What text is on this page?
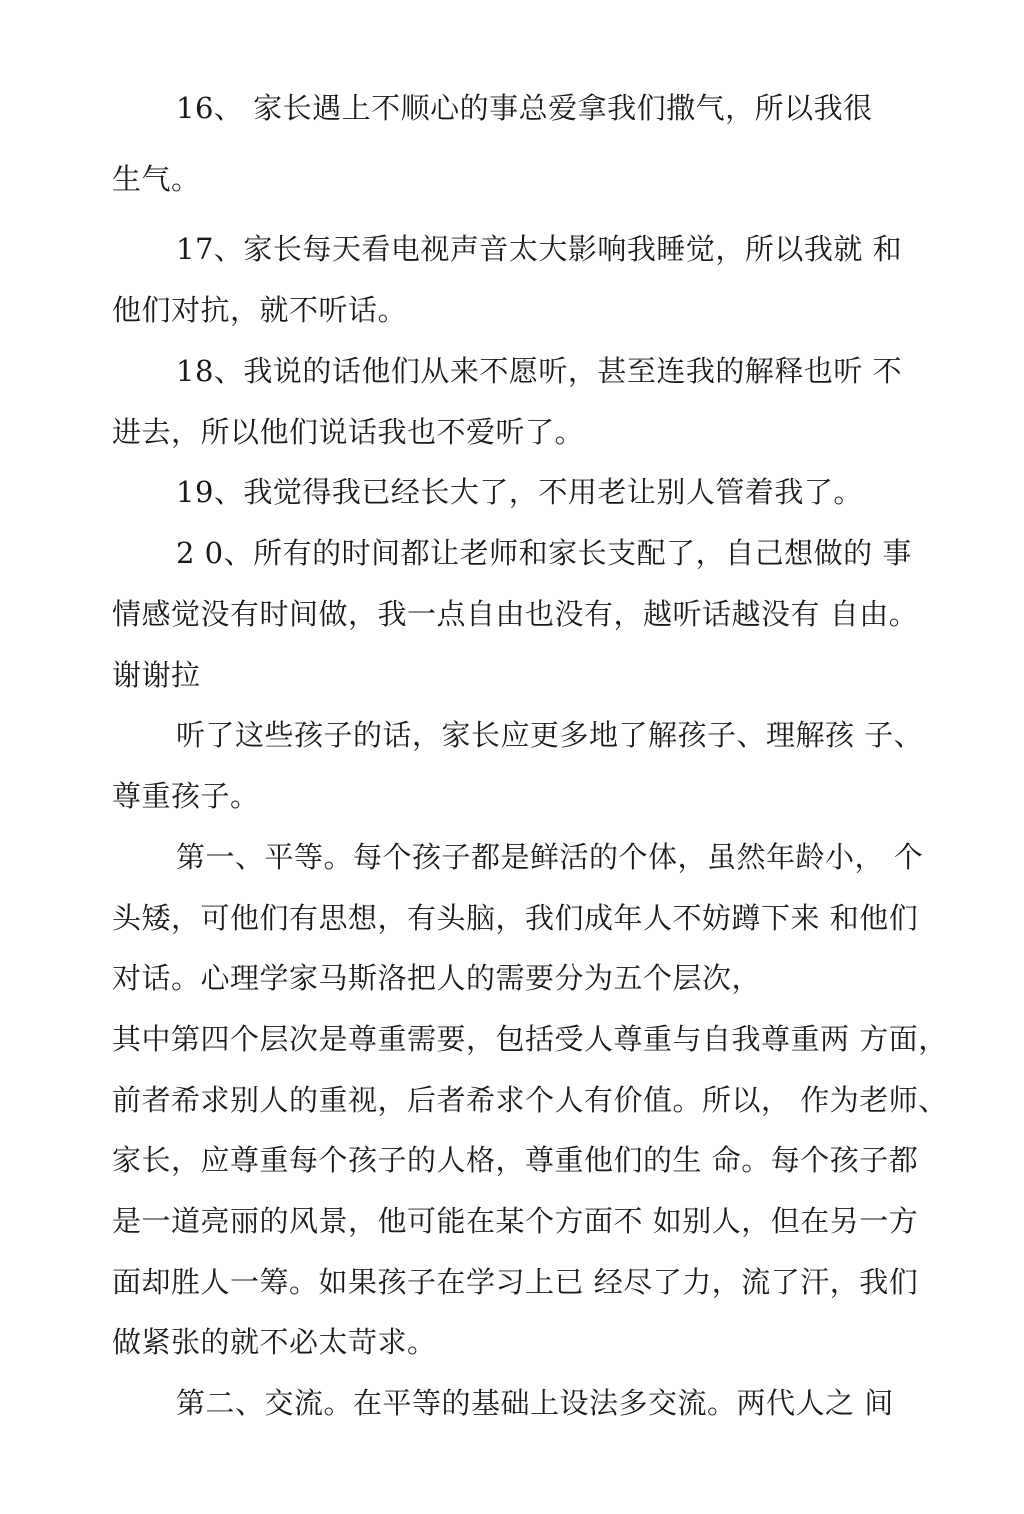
16、 家长遇上不顺心的事总爱拿我们撒气，所以我很
生气。
17、家长每天看电视声音太大影响我睡觉，所以我就 和
他们对抗，就不听话。
18、我说的话他们从来不愿听，甚至连我的解释也听 不
进去，所以他们说话我也不爱听了。
19、我觉得我已经长大了，不用老让别人管着我了。
2 0、所有的时间都让老师和家长支配了，自己想做的 事
情感觉没有时间做，我一点自由也没有，越听话越没有 自由。
谢谢拉
听了这些孩子的话，家长应更多地了解孩子、理解孩 子、
尊重孩子。
第一、平等。每个孩子都是鲜活的个体，虽然年龄小， 个
头矮，可他们有思想，有头脑，我们成年人不妨蹲下来 和他们
对话。心理学家马斯洛把人的需要分为五个层次，
其中第四个层次是尊重需要，包括受人尊重与自我尊重两 方面，
前者希求别人的重视，后者希求个人有价值。所以， 作为老师、
家长，应尊重每个孩子的人格，尊重他们的生 命。每个孩子都
是一道亮丽的风景，他可能在某个方面不 如别人，但在另一方
面却胜人一筹。如果孩子在学习上已 经尽了力，流了汗，我们
做紧张的就不必太苛求。
第二、交流。在平等的基础上设法多交流。两代人之 间
